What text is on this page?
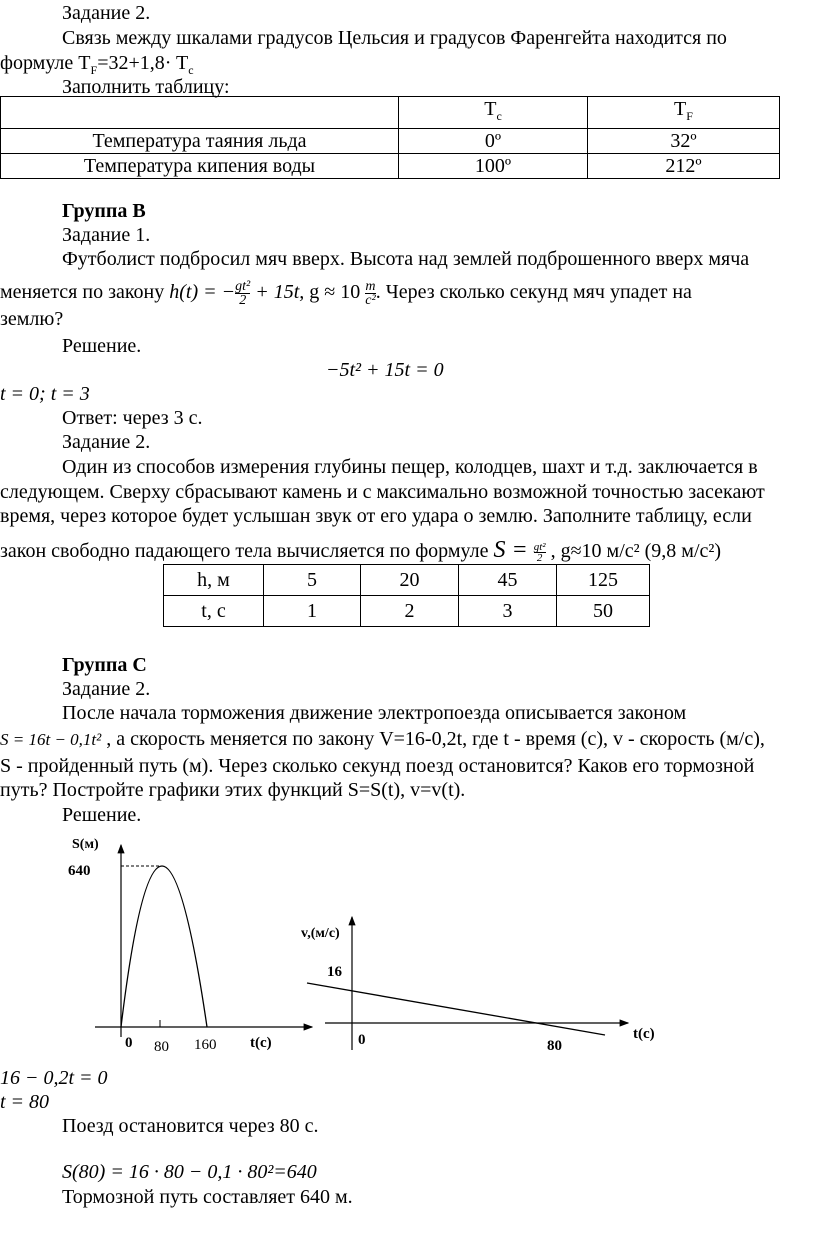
Задание 2.
Связь между шкалами градусов Цельсия и градусов Фаренгейта находится по
формуле $T_F=32+1,8\cdot T_c$
Заполнить таблицу:
	$T_c$	$T_F$
Температура таяния льда	0º	32º
Температура кипения воды	100º	212º
Группа В
Задание 1.
Футболист подбросил мяч вверх. Высота над землей подброшенного вверх мяча
меняется по закону h(t) = − $\frac{\text{gt²}}{2} + 15t$, $g \approx 10 \frac{m}{\text{c²}}$ . Через сколько секунд мяч упадет на
землю?
Решение.
−5t² + 15t = 0
t = 0; t = 3
Ответ: через 3 с.
Задание 2.
Один из способов измерения глубины пещер, колодцев, шахт и т.д. заключается в
следующем. Сверху сбрасывают камень и с максимально возможной точностью засекают
время, через которое будет услышан звук от его удара о землю. Заполните таблицу, если
закон свободно падающего тела вычисляется по формуле $S = \frac{\text{gt²}}{2}$ , g≈10 м/с² (9,8 м/с²)
h, м	5	20	45	125
t, с	1	2	3	50
Группа С
Задание 2.
После начала торможения движение электропоезда описывается законом
S = 16t − 0,1t² , а скорость меняется по закону V=16-0,2t, где t - время (с), v - скорость (м/с),
S - пройденный путь (м). Через сколько секунд поезд остановится? Каков его тормозной
путь? Постройте графики этих функций S=S(t), v=v(t).
Решение.
S(м)
640
0 80 160 t(c)
v,(м/с)
16
0	80
t(c)
16 − 0,2t = 0
t = 80
Поезд остановится через 80 с.
S(80) = 16 · 80 − 0,1 · 80²=640
Тормозной путь составляет 640 м.
